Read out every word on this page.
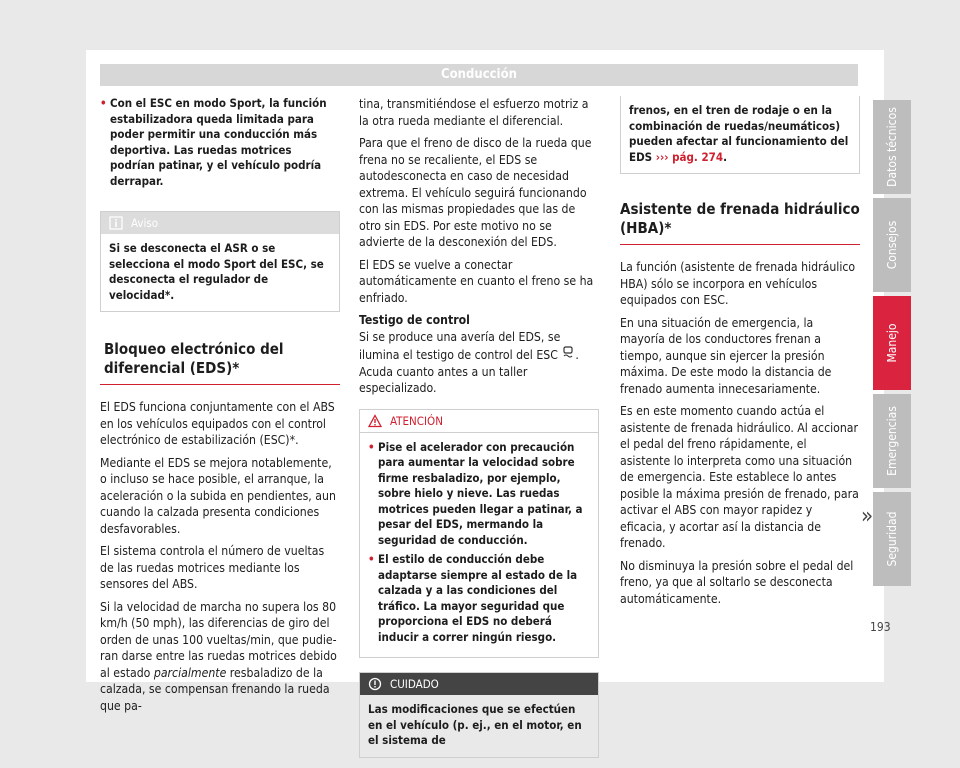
Conducción
• Con el ESC en modo Sport, la función estabilizadora queda limitada para poder permitir una conducción más deportiva. Las ruedas motrices podrían patinar, y el vehículo podría derrapar.
Aviso
Si se desconecta el ASR o se selecciona el modo Sport del ESC, se desconecta el regulador de velocidad*.
Bloqueo electrónico del diferencial (EDS)*

El EDS funciona conjuntamente con el ABS en los vehículos equipados con el control electrónico de estabilización (ESC)*.

Mediante el EDS se mejora notablemente, o incluso se hace posible, el arranque, la aceleración o la subida en pendientes, aun cuando la calzada presenta condiciones desfavorables.

El sistema controla el número de vueltas de las ruedas motrices mediante los sensores del ABS.

Si la velocidad de marcha no supera los 80 km/h (50 mph), las diferencias de giro del orden de unas 100 vueltas/min, que pudieran darse entre las ruedas motrices debido al estado parcialmente resbaladizo de la calzada, se compensan frenando la rueda que pa-

tina, transmitiéndose el esfuerzo motriz a la otra rueda mediante el diferencial.

Para que el freno de disco de la rueda que frena no se recaliente, el EDS se autodesconecta en caso de necesidad extrema. El vehículo seguirá funcionando con las mismas propiedades que las de otro sin EDS. Por este motivo no se advierte de la desconexión del EDS.

El EDS se vuelve a conectar automáticamente en cuanto el freno se ha enfriado.

Testigo de control

Si se produce una avería del EDS, se ilumina el testigo de control del ESC . Acuda cuanto antes a un taller especializado.

ATENCIÓN
• Pise el acelerador con precaución para aumentar la velocidad sobre firme resbaladizo, por ejemplo, sobre hielo y nieve. Las ruedas motrices pueden llegar a patinar, a pesar del EDS, mermando la seguridad de conducción.
• El estilo de conducción debe adaptarse siempre al estado de la calzada y a las condiciones del tráfico. La mayor seguridad que proporciona el EDS no deberá inducir a correr ningún riesgo.
CUIDADO
Las modificaciones que se efectúen en el vehículo (p. ej., en el motor, en el sistema de
frenos, en el tren de rodaje o en la combinación de ruedas/neumáticos) pueden afectar al funcionamiento del EDS ››› pág. 274.
Asistente de frenada hidráulico (HBA)*

La función (asistente de frenada hidráulico HBA) sólo se incorpora en vehículos equipados con ESC.

En una situación de emergencia, la mayoría de los conductores frenan a tiempo, aunque sin ejercer la presión máxima. De este modo la distancia de frenado aumenta innecesariamente.

Es en este momento cuando actúa el asistente de frenada hidráulico. Al accionar el pedal del freno rápidamente, el asistente lo interpreta como una situación de emergencia. Este establece lo antes posible la máxima presión de frenado, para activar el ABS con mayor rapidez y eficacia, y acortar así la distancia de frenado.

No disminuya la presión sobre el pedal del freno, ya que al soltarlo se desconecta automáticamente.

»
Datos técnicos
Consejos
Manejo
Emergencias
Seguridad
193
